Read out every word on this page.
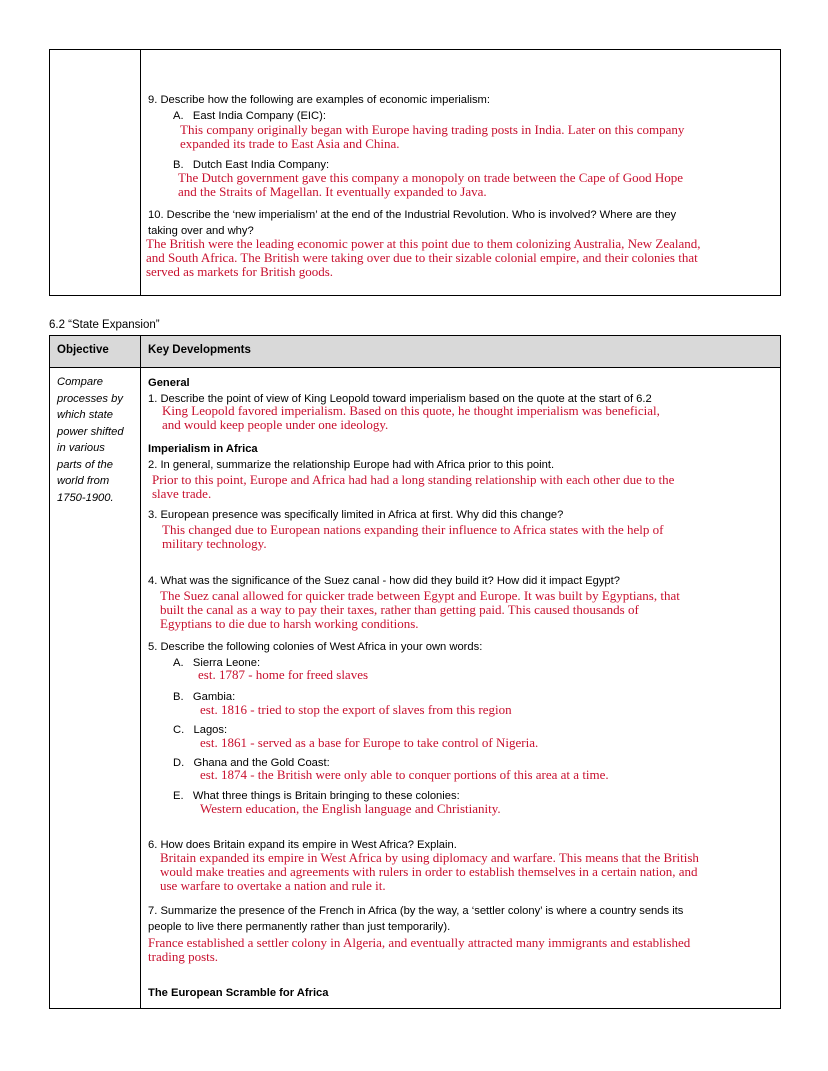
9. Describe how the following are examples of economic imperialism:
A.   East India Company (EIC):
This company originally began with Europe having trading posts in India. Later on this company
expanded its trade to East Asia and China.
B.   Dutch East India Company:
The Dutch government gave this company a monopoly on trade between the Cape of Good Hope
and the Straits of Magellan. It eventually expanded to Java.
10. Describe the ‘new imperialism’ at the end of the Industrial Revolution. Who is involved? Where are they
taking over and why?
The British were the leading economic power at this point due to them colonizing Australia, New Zealand,
and South Africa. The British were taking over due to their sizable colonial empire, and their colonies that
served as markets for British goods.
6.2 “State Expansion”
Objective	Key Developments
Compare
processes by
which state
power shifted
in various
parts of the
world from
1750-1900.
General
1. Describe the point of view of King Leopold toward imperialism based on the quote at the start of 6.2
King Leopold favored imperialism. Based on this quote, he thought imperialism was beneficial,
and would keep people under one ideology.
Imperialism in Africa
2. In general, summarize the relationship Europe had with Africa prior to this point.
Prior to this point, Europe and Africa had had a long standing relationship with each other due to the
slave trade.
3. European presence was specifically limited in Africa at first. Why did this change?
This changed due to European nations expanding their influence to Africa states with the help of
military technology.
4. What was the significance of the Suez canal - how did they build it? How did it impact Egypt?
The Suez canal allowed for quicker trade between Egypt and Europe. It was built by Egyptians, that
built the canal as a way to pay their taxes, rather than getting paid. This caused thousands of
Egyptians to die due to harsh working conditions.
5. Describe the following colonies of West Africa in your own words:
A.   Sierra Leone:
est. 1787 - home for freed slaves
B.   Gambia:
est. 1816 - tried to stop the export of slaves from this region
C.   Lagos:
est. 1861 - served as a base for Europe to take control of Nigeria.
D.   Ghana and the Gold Coast:
est. 1874 - the British were only able to conquer portions of this area at a time.
E.   What three things is Britain bringing to these colonies:
Western education, the English language and Christianity.
6. How does Britain expand its empire in West Africa? Explain.
Britain expanded its empire in West Africa by using diplomacy and warfare. This means that the British
would make treaties and agreements with rulers in order to establish themselves in a certain nation, and
use warfare to overtake a nation and rule it.
7. Summarize the presence of the French in Africa (by the way, a ‘settler colony’ is where a country sends its
people to live there permanently rather than just temporarily).
France established a settler colony in Algeria, and eventually attracted many immigrants and established
trading posts.
The European Scramble for Africa
